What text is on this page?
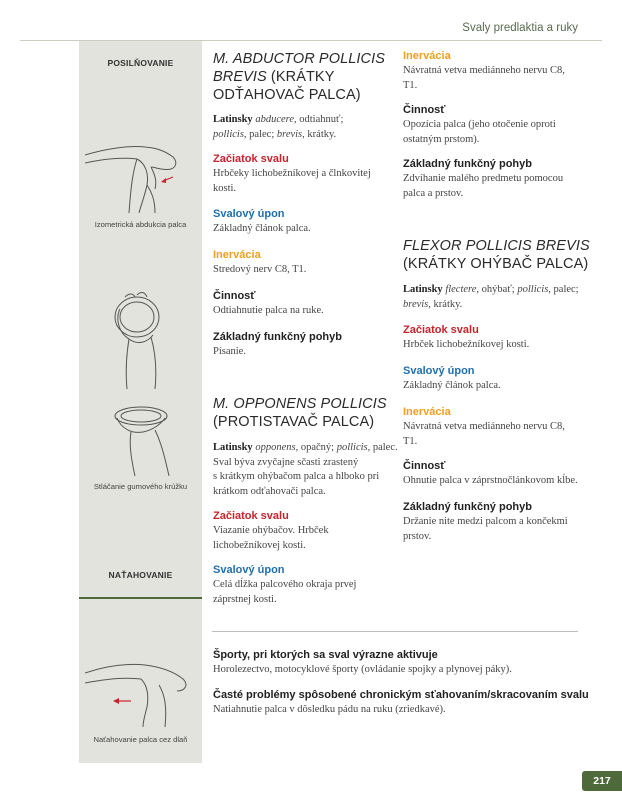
Svaly predlaktia a ruky
POSILŇOVANIE
Izometrická abdukcia palca
Stláčanie gumového krúžku
NAŤAHOVANIE
Naťahovanie palca cez dlaň
M. ABDUCTOR POLLICIS
BREVIS (KRÁTKY
ODŤAHOVAČ PALCA)
Latinsky abducere, odtiahnuť;
pollicis, palec; brevis, krátky.
Začiatok svalu
Hrbčeky lichobežníkovej a člnkovitej
kosti.
Svalový úpon
Základný článok palca.
Inervácia
Stredový nerv C8, T1.
Činnosť
Odtiahnutie palca na ruke.
Základný funkčný pohyb
Písanie.
M. OPPONENS POLLICIS
(PROTISTAVAČ PALCA)
Latinsky opponens, opačný; pollicis, palec.
Sval býva zvyčajne sčasti zrastený
s krátkym ohýbačom palca a hlboko pri
krátkom odťahovači palca.
Začiatok svalu
Viazanie ohýbačov. Hrbček
lichobežníkovej kosti.
Svalový úpon
Celá dĺžka palcového okraja prvej
záprstnej kosti.
Inervácia
Návratná vetva mediánneho nervu C8,
T1.
Činnosť
Opozícia palca (jeho otočenie oproti
ostatným prstom).
Základný funkčný pohyb
Zdvíhanie malého predmetu pomocou
palca a prstov.
FLEXOR POLLICIS BREVIS
(KRÁTKY OHÝBAČ PALCA)
Latinsky flectere, ohýbať; pollicis, palec;
brevis, krátky.
Začiatok svalu
Hrbček lichobežníkovej kosti.
Svalový úpon
Základný článok palca.
Inervácia
Návratná vetva mediánneho nervu C8,
T1.
Činnosť
Ohnutie palca v záprstnočlánkovom kĺbe.
Základný funkčný pohyb
Držanie nite medzi palcom a končekmi
prstov.
Športy, pri ktorých sa sval výrazne aktivuje
Horolezectvo, motocyklové športy (ovládanie spojky a plynovej páky).
Časté problémy spôsobené chronickým sťahovaním/skracovaním svalu
Natiahnutie palca v dôsledku pádu na ruku (zriedkavé).
217
